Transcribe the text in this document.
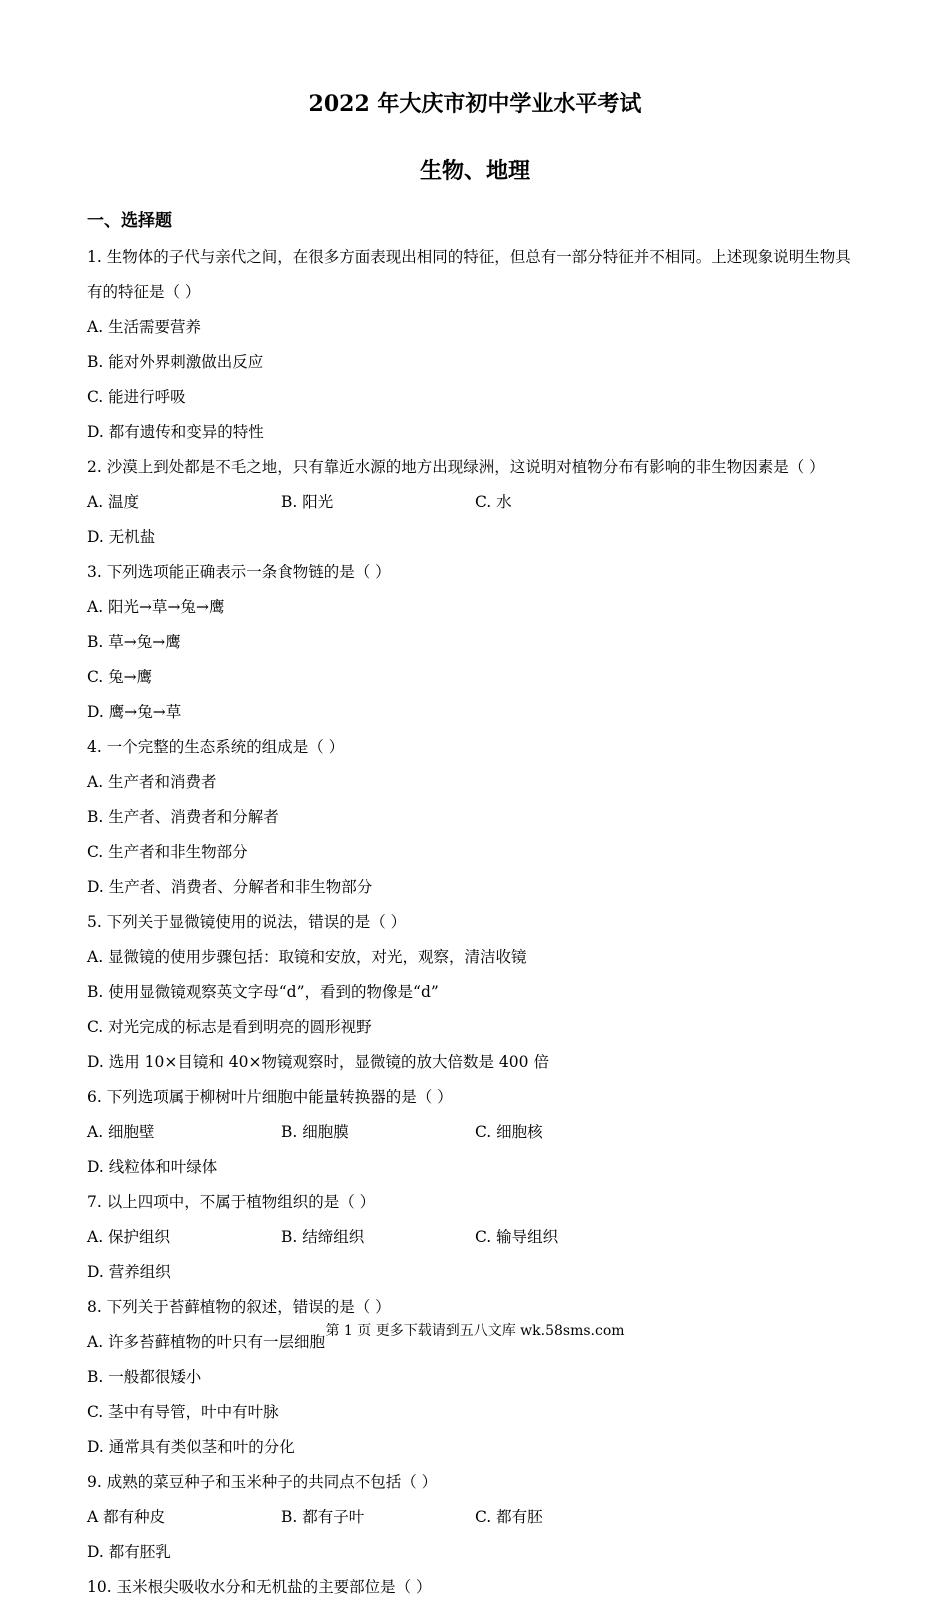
2022 年大庆市初中学业水平考试
生物、地理
一、选择题

1. 生物体的子代与亲代之间，在很多方面表现出相同的特征，但总有一部分特征并不相同。上述现象说明生物具有的特征是（ ）

A. 生活需要营养
B. 能对外界刺激做出反应
C. 能进行呼吸
D. 都有遗传和变异的特性

2. 沙漠上到处都是不毛之地，只有靠近水源的地方出现绿洲，这说明对植物分布有影响的非生物因素是（ ）

A. 温度	B. 阳光	C. 水
D. 无机盐

3. 下列选项能正确表示一条食物链的是（ ）

A. 阳光→草→兔→鹰
B. 草→兔→鹰
C. 兔→鹰
D. 鹰→兔→草

4. 一个完整的生态系统的组成是（ ）

A. 生产者和消费者
B. 生产者、消费者和分解者
C. 生产者和非生物部分
D. 生产者、消费者、分解者和非生物部分

5. 下列关于显微镜使用的说法，错误的是（ ）

A. 显微镜的使用步骤包括：取镜和安放，对光，观察，清洁收镜
B. 使用显微镜观察英文字母“d”，看到的物像是“d”
C. 对光完成的标志是看到明亮的圆形视野
D. 选用 10×目镜和 40×物镜观察时，显微镜的放大倍数是 400 倍

6. 下列选项属于柳树叶片细胞中能量转换器的是（ ）

A. 细胞壁	B. 细胞膜	C. 细胞核
D. 线粒体和叶绿体

7. 以上四项中，不属于植物组织的是（ ）

A. 保护组织	B. 结缔组织	C. 输导组织
D. 营养组织

8. 下列关于苔藓植物的叙述，错误的是（ ）

A. 许多苔藓植物的叶只有一层细胞
B. 一般都很矮小
C. 茎中有导管，叶中有叶脉
D. 通常具有类似茎和叶的分化

9. 成熟的菜豆种子和玉米种子的共同点不包括（ ）

A 都有种皮	B. 都有子叶	C. 都有胚
D. 都有胚乳

10. 玉米根尖吸收水分和无机盐的主要部位是（ ）

第 1 页 更多下载请到五八文库 wk.58sms.com
